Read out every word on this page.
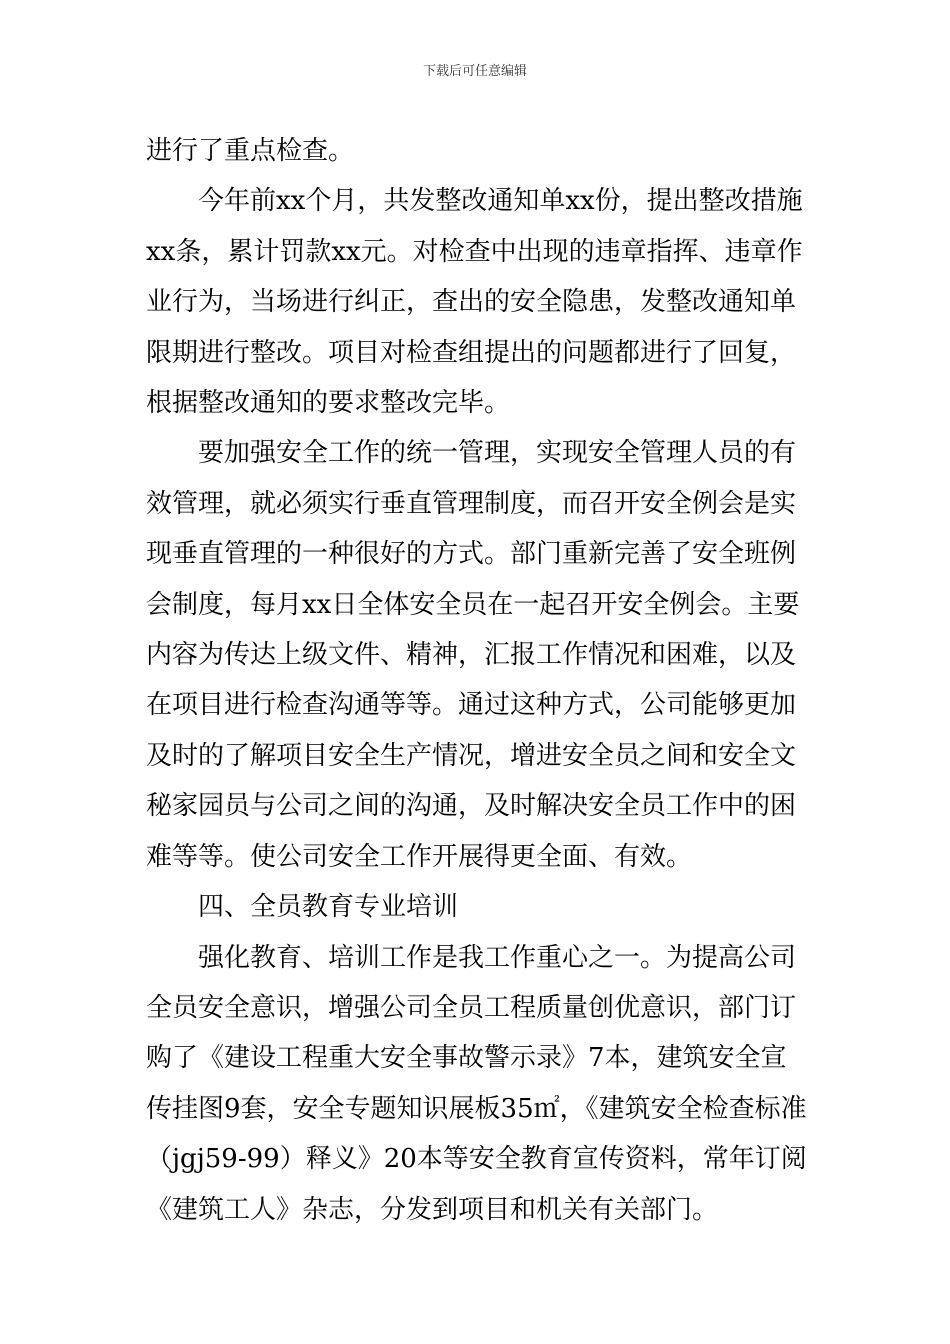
下载后可任意编辑

进行了重点检查。

今年前xx个月，共发整改通知单xx份，提出整改措施xx条，累计罚款xx元。对检查中出现的违章指挥、违章作业行为，当场进行纠正，查出的安全隐患，发整改通知单限期进行整改。项目对检查组提出的问题都进行了回复，根据整改通知的要求整改完毕。

要加强安全工作的统一管理，实现安全管理人员的有效管理，就必须实行垂直管理制度，而召开安全例会是实现垂直管理的一种很好的方式。部门重新完善了安全班例会制度，每月xx日全体安全员在一起召开安全例会。主要内容为传达上级文件、精神，汇报工作情况和困难，以及在项目进行检查沟通等等。通过这种方式，公司能够更加及时的了解项目安全生产情况，增进安全员之间和安全文秘家园员与公司之间的沟通，及时解决安全员工作中的困难等等。使公司安全工作开展得更全面、有效。

四、全员教育专业培训

强化教育、培训工作是我工作重心之一。为提高公司全员安全意识，增强公司全员工程质量创优意识，部门订购了《建设工程重大安全事故警示录》7本，建筑安全宣传挂图9套，安全专题知识展板35㎡，《建筑安全检查标准（jgj59-99）释义》20本等安全教育宣传资料，常年订阅《建筑工人》杂志，分发到项目和机关有关部门。
